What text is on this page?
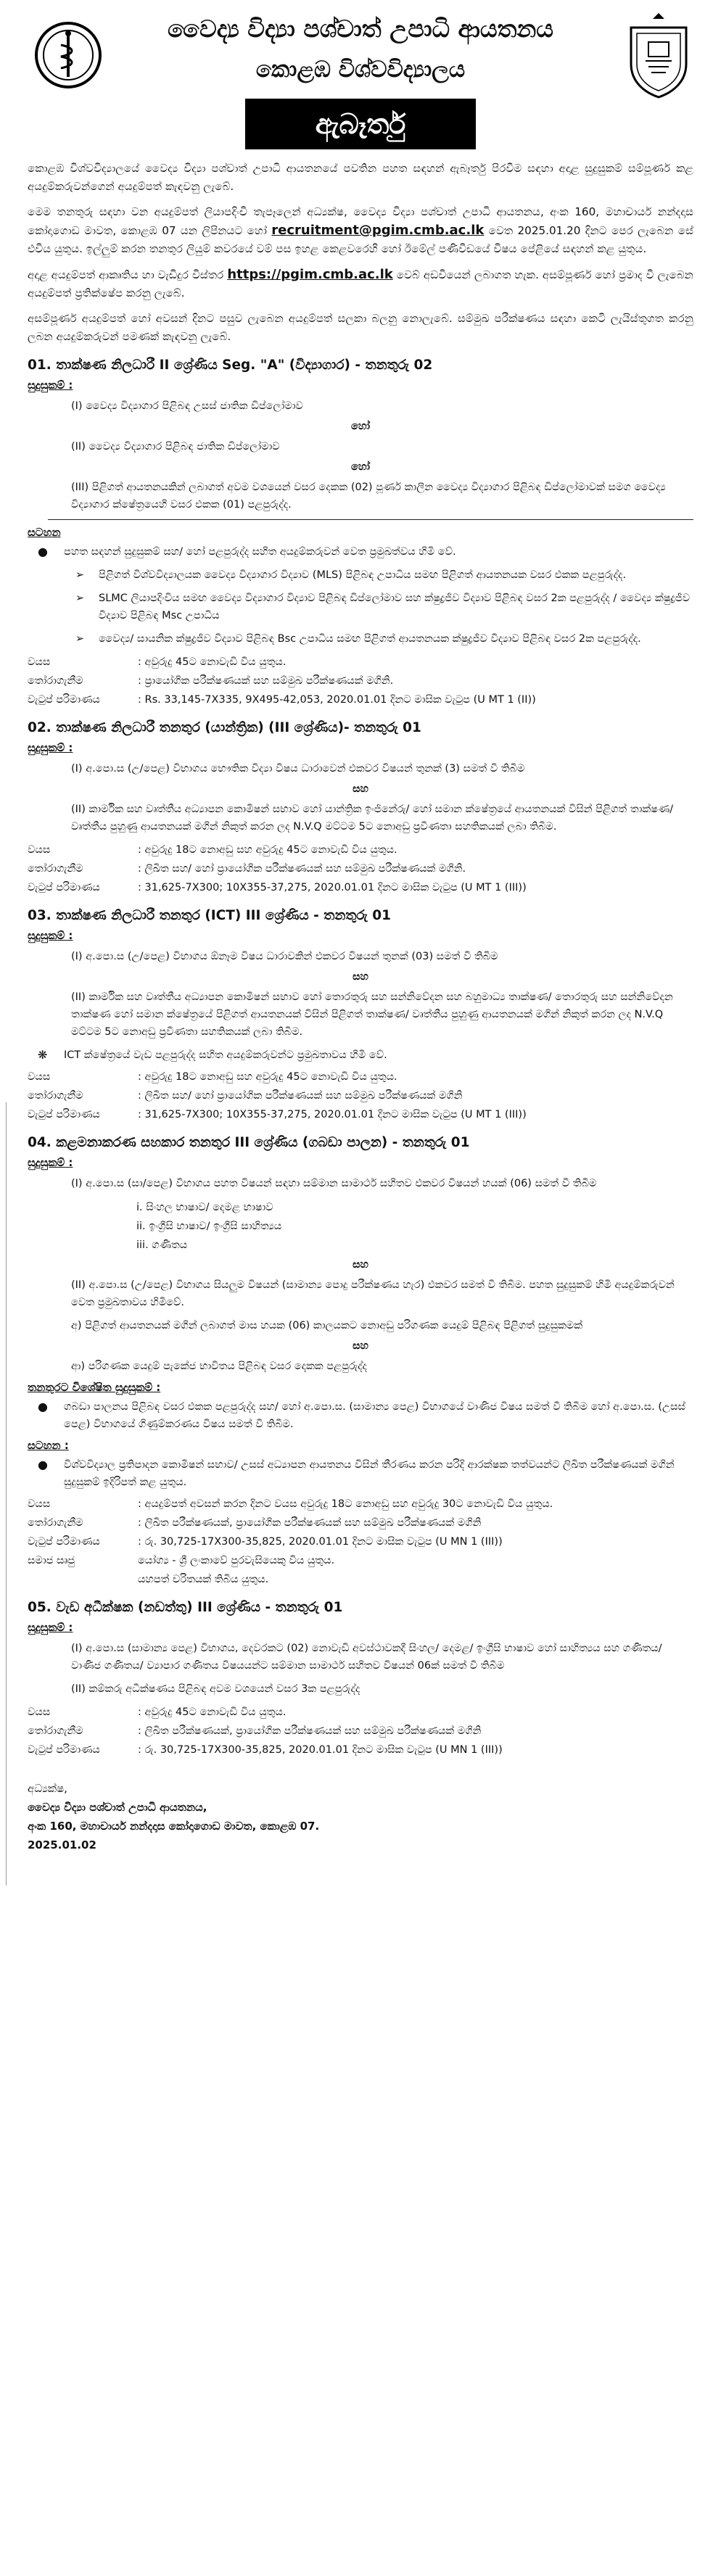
වෛද්‍ය විද්‍යා පශ්චාත් උපාධි ආයතනය
කොළඹ විශ්වවිද්‍යාලය
ඇබෑර්තු

කොළඹ විශ්වවිද්‍යාලයේ වෛද්‍ය විද්‍යා පශ්චාත් උපාධි ආයතනයේ පවතින පහත සඳහන් ඇබෑර්තු පිරවීම සඳහා අදාළ සුදුසුකම් සම්පූර්ණ කළ අයදුම්කරුවන්ගෙන් අයදුම්පත් කැඳවනු ලැබේ.

මෙම තනතුරු සඳහා වන අයදුම්පත් ලියාපදිංචි තැපෑලෙන් අධ්‍යක්ෂ, වෛද්‍ය විද්‍යා පශ්චාත් උපාධි ආයතනය, අංක 160, මහාචාර්ය නන්දදාස කෝදාගොඩ මාවත, කොළඹ 07 යන ලිපිනයට හෝ recruitment@pgim.cmb.ac.lk වෙත 2025.01.20 දිනට පෙර ලැබෙන සේ එවිය යුතුය. ඉල්ලුම් කරන තනතුර ලියුම් කවරයේ වම් පස ඉහළ කෙළවරෙහි හෝ ඊමේල් පණිවිඩයේ විෂය පේළියේ සඳහන් කළ යුතුය.

අදාළ අයදුම්පත් ආකෘතිය හා වැඩිදුර විස්තර https://pgim.cmb.ac.lk වෙබ් අඩවියෙන් ලබාගත හැක. අසම්පූර්ණ හෝ ප්‍රමාද වී ලැබෙන අයදුම්පත් ප්‍රතික්ෂේප කරනු ලැබේ.

අසම්පූර්ණ අයදුම්පත් හෝ අවසන් දිනට පසුව ලැබෙන අයදුම්පත් සලකා බලනු නොලැබේ. සම්මුඛ පරීක්ෂණය සඳහා කෙටි ලැයිස්තුගත කරනු ලබන අයදුම්කරුවන් පමණක් කැඳවනු ලැබේ.

01. තාක්ෂණ නිලධාරී II ශ්‍රේණිය Seg. "A" (විද්‍යාගාර) - තනතුරු 02
සුදුසුකම් :
(I) වෛද්‍ය විද්‍යාගාර පිළිබඳ උසස් ජාතික ඩිප්ලෝමාව
හෝ
(II) වෛද්‍ය විද්‍යාගාර පිළිබඳ ජාතික ඩිප්ලෝමාව
හෝ
(III) පිළිගත් ආයතනයකින් ලබාගත් අවම වශයෙන් වසර දෙකක (02) පූර්ණ කාලීන වෛද්‍ය විද්‍යාගාර පිළිබඳ ඩිප්ලෝමාවක් සමග වෛද්‍ය විද්‍යාගාර ක්ෂේත්‍රයෙහි වසර එකක (01) පළපුරුද්ද.
සටහන
●	පහත සඳහන් සුදුසුකම් සහ/ හෝ පළපුරුද්ද සහිත අයදුම්කරුවන් වෙත ප්‍රමුඛත්වය හිමි වේ.
➢	පිළිගත් විශ්වවිද්‍යාලයක වෛද්‍ය විද්‍යාගාර විද්‍යාව (MLS) පිළිබඳ උපාධිය සමඟ පිළිගත් ආයතනයක වසර එකක පළපුරුද්ද.
➢	SLMC ලියාපදිංචිය සමඟ වෛද්‍ය විද්‍යාගාර විද්‍යාව පිළිබඳ ඩිප්ලෝමාව සහ ක්ෂුද්‍රජීව විද්‍යාව පිළිබඳ වසර 2ක පළපුරුද්ද / වෛද්‍ය ක්ෂුද්‍රජීව විද්‍යාව පිළිබඳ Msc උපාධිය
➢	වෛද්‍ය/ සායනික ක්ෂුද්‍රජීව විද්‍යාව පිළිබඳ Bsc උපාධිය සමඟ පිළිගත් ආයතනයක ක්ෂුද්‍රජීව විද්‍යාව පිළිබඳ වසර 2ක පළපුරුද්ද.
වයස	: අවුරුදු 45ට නොවැඩි විය යුතුය.
තෝරාගැනීම	: ප්‍රායෝගික පරීක්ෂණයක් සහ සම්මුඛ පරීක්ෂණයක් මගිනි.
වැටුප් පරිමාණය	: Rs. 33,145-7X335, 9X495-42,053, 2020.01.01 දිනට මාසික වැටුප (U MT 1 (II))
02. තාක්ෂණ නිලධාරී තනතුර (යාන්ත්‍රික) (III ශ්‍රේණිය)- තනතුරු 01
සුදුසුකම් :
(I) අ.පො.ස (උ/පෙළ) විභාගය භෞතික විද්‍යා විෂය ධාරාවෙන් එකවර විෂයන් තුනක් (3) සමත් වී තිබීම
සහ
(II) කාර්මික සහ වෘත්තීය අධ්‍යාපන කොමිෂන් සභාව හෝ යාන්ත්‍රික ඉංජිනේරු/ හෝ සමාන ක්ෂේත්‍රයේ ආයතනයක් විසින් පිළිගත් තාක්ෂණ/ වෘත්තීය පුහුණු ආයතනයක් මගින් නිකුත් කරන ලද N.V.Q මට්ටම 5ට නොඅඩු ප්‍රවීණතා සහතිකයක් ලබා තිබීම.
වයස	: අවුරුදු 18ට නොඅඩු සහ අවුරුදු 45ට නොවැඩි විය යුතුය.
තෝරාගැනීම	: ලිඛිත සහ/ හෝ ප්‍රායෝගික පරීක්ෂණයක් සහ සම්මුඛ පරීක්ෂණයක් මගිනි.
වැටුප් පරිමාණය	: 31,625-7X300; 10X355-37,275, 2020.01.01 දිනට මාසික වැටුප (U MT 1 (III))
03. තාක්ෂණ නිලධාරී තනතුර (ICT) III ශ්‍රේණිය - තනතුරු 01
සුදුසුකම් :
(I) අ.පො.ස (උ/පෙළ) විභාගය ඕනෑම විෂය ධාරාවකින් එකවර විෂයන් තුනක් (03) සමත් වී තිබීම
සහ
(II) කාර්මික සහ වෘත්තීය අධ්‍යාපන කොමිෂන් සභාව හෝ තොරතුරු සහ සන්නිවේදන සහ බහුමාධ්‍ය තාක්ෂණ/ තොරතුරු සහ සන්නිවේදන තාක්ෂණ හෝ සමාන ක්ෂේත්‍රයේ පිළිගත් ආයතනයක් විසින් පිළිගත් තාක්ෂණ/ වෘත්තීය පුහුණු ආයතනයක් මගින් නිකුත් කරන ලද N.V.Q මට්ටම 5ට නොඅඩු ප්‍රවීණතා සහතිකයක් ලබා තිබීම.
❋	ICT ක්ෂේත්‍රයේ වැඩ පළපුරුද්ද සහිත අයදුම්කරුවන්ට ප්‍රමුඛතාවය හිමි වේ.
වයස	: අවුරුදු 18ට නොඅඩු සහ අවුරුදු 45ට නොවැඩි විය යුතුය.
තෝරාගැනීම	: ලිඛිත සහ/ හෝ ප්‍රායෝගික පරීක්ෂණයක් සහ සම්මුඛ පරීක්ෂණයක් මගිනි
වැටුප් පරිමාණය	: 31,625-7X300; 10X355-37,275, 2020.01.01 දිනට මාසික වැටුප (U MT 1 (III))
04. කළමනාකරණ සහකාර තනතුර III ශ්‍රේණිය (ගබඩා පාලන) - තනතුරු 01
සුදුසුකම් :
(I) අ.පො.ස (සා/පෙළ) විභාගය පහත විෂයන් සඳහා සම්මාන සාමාර්ථ සහිතව එකවර විෂයන් හයක් (06) සමත් වී තිබීම
i. සිංහල භාෂාව/ දෙමළ භාෂාව
ii. ඉංග්‍රීසි භාෂාව/ ඉංග්‍රීසි සාහිත්‍යය
iii. ගණිතය
සහ
(II) අ.පො.ස (උ/පෙළ) විභාගය සියලුම විෂයන් (සාමාන්‍ය පොදු පරීක්ෂණය හැර) එකවර සමත් වී තිබීම. පහත සුදුසුකම් හිමි අයදුම්කරුවන් වෙත ප්‍රමුඛතාවය හිමිවේ.
අ) පිළිගත් ආයතනයක් මගින් ලබාගත් මාස හයක (06) කාලයකට නොඅඩු පරිගණක යෙදුම් පිළිබඳ පිළිගත් සුදුසුකමක්
සහ
ආ) පරිගණක යෙදුම් පැකේජ භාවිතය පිළිබඳ වසර දෙකක පළපුරුද්ද
තනතුරට විශේෂිත සුදුසුකම් :
●	ගබඩා පාලනය පිළිබඳ වසර එකක පළපුරුද්ද සහ/ හෝ අ.පො.ස. (සාමාන්‍ය පෙළ) විභාගයේ වාණිජ විෂය සමත් වී තිබීම හෝ අ.පො.ස. (උසස් පෙළ) විභාගයේ ගිණුම්කරණය විෂය සමත් වී තිබීම.
සටහන :
●	විශ්වවිද්‍යාල ප්‍රතිපාදන කොමිෂන් සභාව/ උසස් අධ්‍යාපන ආයතනය විසින් තීරණය කරන පරිදි ආරක්ෂක තත්වයන්ට ලිඛිත පරීක්ෂණයක් මගින් සුදුසුකම් ඉදිරිපත් කළ යුතුය.
වයස	: අයදුම්පත් අවසන් කරන දිනට වයස අවුරුදු 18ට නොඅඩු සහ අවුරුදු 30ට නොවැඩි විය යුතුය.
තෝරාගැනීම	: ලිඛිත පරීක්ෂණයක්, ප්‍රායෝගික පරීක්ෂණයක් සහ සම්මුඛ පරීක්ෂණයක් මගිනි
වැටුප් පරිමාණය	: රු. 30,725-17X300-35,825, 2020.01.01 දිනට මාසික වැටුප (U MN 1 (III))
සමාජ සෘජු	යෝග්‍ය - ශ්‍රී ලංකාවේ පුරවැසියෙකු විය යුතුය.
යහපත් චරිතයක් තිබිය යුතුය.
05. වැඩ අධීක්ෂක (නඩත්තු) III ශ්‍රේණිය - තනතුරු 01
සුදුසුකම් :
(I) අ.පො.ස (සාමාන්‍ය පෙළ) විභාගය, දෙවරකට (02) නොවැඩි අවස්ථාවකදී සිංහල/ දෙමළ/ ඉංග්‍රීසි භාෂාව හෝ සාහිත්‍යය සහ ගණිතය/ වාණිජ ගණිතය/ ව්‍යාපාර ගණිතය විෂයයන්ට සම්මාන සාමාර්ථ සහිතව විෂයන් 06ක් සමත් වී තිබීම
(II) කම්කරු අධීක්ෂණය පිළිබඳ අවම වශයෙන් වසර 3ක පළපුරුද්ද
වයස	: අවුරුදු 45ට නොවැඩි විය යුතුය.
තෝරාගැනීම	: ලිඛිත පරීක්ෂණයක්, ප්‍රායෝගික පරීක්ෂණයක් සහ සම්මුඛ පරීක්ෂණයක් මගිනි
වැටුප් පරිමාණය	: රු. 30,725-17X300-35,825, 2020.01.01 දිනට මාසික වැටුප (U MN 1 (III))
අධ්‍යක්ෂ,
වෛද්‍ය විද්‍යා පශ්චාත් උපාධි ආයතනය,
අංක 160, මහාචාර්ය නන්දදාස කෝදාගොඩ මාවත, කොළඹ 07.
2025.01.02
